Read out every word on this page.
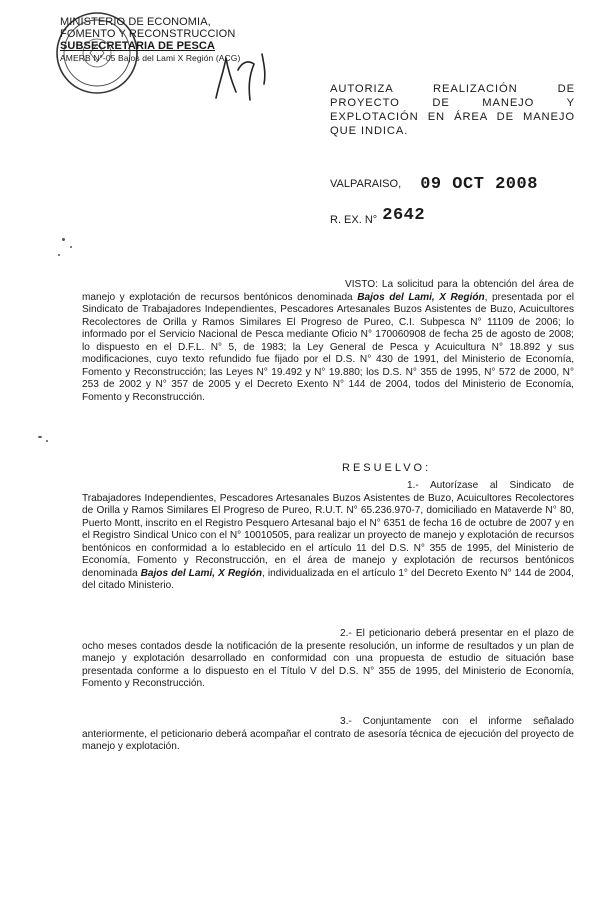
MINISTERIO DE ECONOMIA,
FOMENTO Y RECONSTRUCCION
SUBSECRETARIA DE PESCA
AMERB N°-05 Bajos del Lami X Región (ACG)
AUTORIZA REALIZACIÓN DE PROYECTO DE MANEJO Y EXPLOTACIÓN EN ÁREA DE MANEJO QUE INDICA.
VALPARAISO, 09 OCT 2008
R. EX. N° 2642
VISTO: La solicitud para la obtención del área de manejo y explotación de recursos bentónicos denominada Bajos del Lami, X Región, presentada por el Sindicato de Trabajadores Independientes, Pescadores Artesanales Buzos Asistentes de Buzo, Acuicultores Recolectores de Orilla y Ramos Similares El Progreso de Pureo, C.I. Subpesca N° 11109 de 2006; lo informado por el Servicio Nacional de Pesca mediante Oficio N° 170060908 de fecha 25 de agosto de 2008; lo dispuesto en el D.F.L. N° 5, de 1983; la Ley General de Pesca y Acuicultura N° 18.892 y sus modificaciones, cuyo texto refundido fue fijado por el D.S. N° 430 de 1991, del Ministerio de Economía, Fomento y Reconstrucción; las Leyes N° 19.492 y N° 19.880; los D.S. N° 355 de 1995, N° 572 de 2000, N° 253 de 2002 y N° 357 de 2005 y el Decreto Exento N° 144 de 2004, todos del Ministerio de Economía, Fomento y Reconstrucción.
RESUELVO:
1.- Autorízase al Sindicato de Trabajadores Independientes, Pescadores Artesanales Buzos Asistentes de Buzo, Acuicultores Recolectores de Orilla y Ramos Similares El Progreso de Pureo, R.U.T. N° 65.236.970-7, domiciliado en Mataverde N° 80, Puerto Montt, inscrito en el Registro Pesquero Artesanal bajo el N° 6351 de fecha 16 de octubre de 2007 y en el Registro Sindical Unico con el N° 10010505, para realizar un proyecto de manejo y explotación de recursos bentónicos en conformidad a lo establecido en el artículo 11 del D.S. N° 355 de 1995, del Ministerio de Economía, Fomento y Reconstrucción, en el área de manejo y explotación de recursos bentónicos denominada Bajos del Lami, X Región, individualizada en el artículo 1° del Decreto Exento N° 144 de 2004, del citado Ministerio.
2.- El peticionario deberá presentar en el plazo de ocho meses contados desde la notificación de la presente resolución, un informe de resultados y un plan de manejo y explotación desarrollado en conformidad con una propuesta de estudio de situación base presentada conforme a lo dispuesto en el Título V del D.S. N° 355 de 1995, del Ministerio de Economía, Fomento y Reconstrucción.
3.- Conjuntamente con el informe señalado anteriormente, el peticionario deberá acompañar el contrato de asesoría técnica de ejecución del proyecto de manejo y explotación.
